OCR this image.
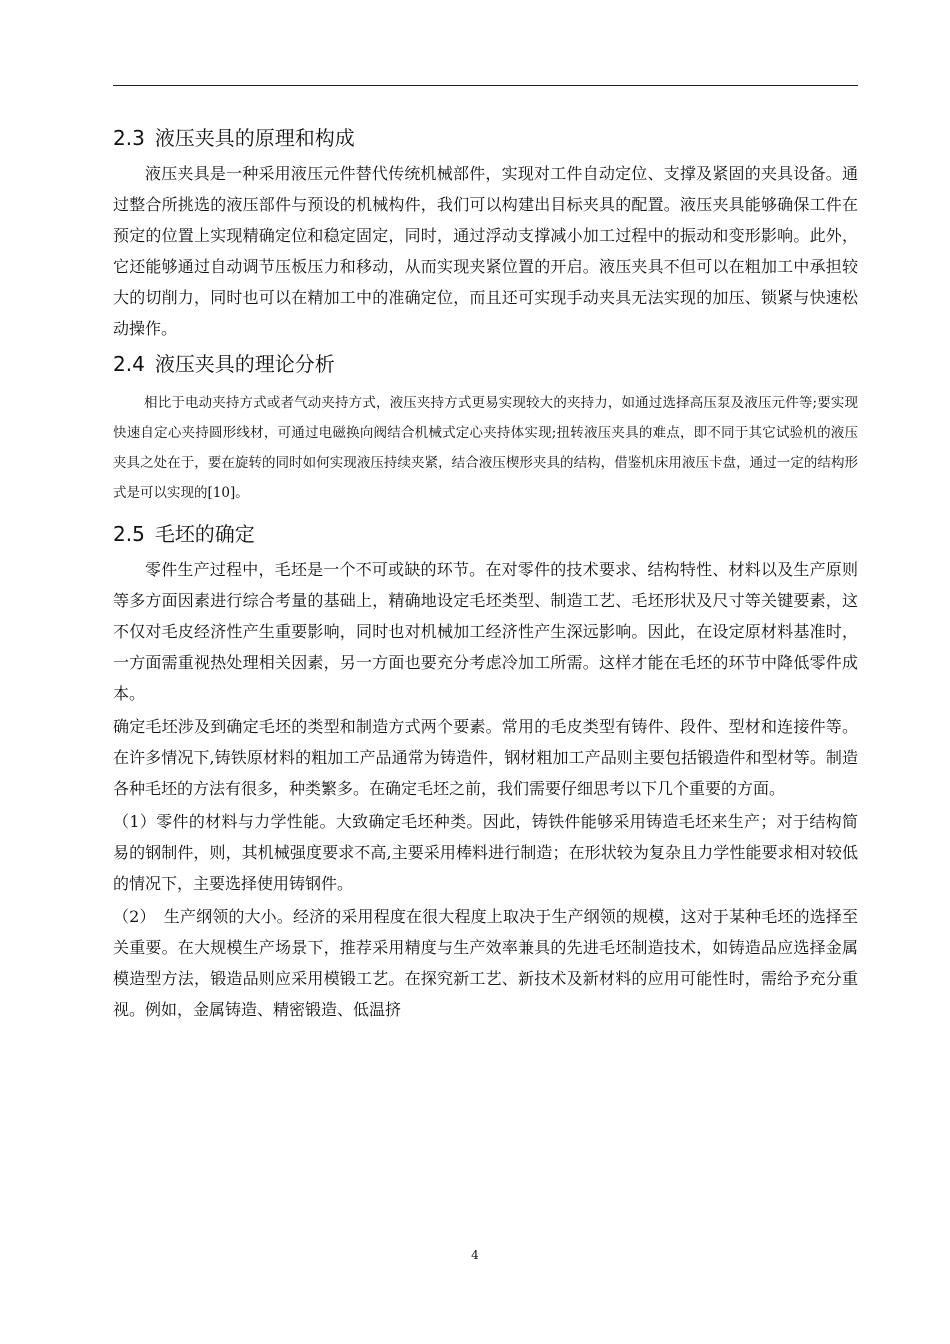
2.3 液压夹具的原理和构成

液压夹具是一种采用液压元件替代传统机械部件，实现对工件自动定位、支撑及紧固的夹具设备。通过整合所挑选的液压部件与预设的机械构件，我们可以构建出目标夹具的配置。液压夹具能够确保工件在预定的位置上实现精确定位和稳定固定，同时，通过浮动支撑减小加工过程中的振动和变形影响。此外，它还能够通过自动调节压板压力和移动，从而实现夹紧位置的开启。液压夹具不但可以在粗加工中承担较大的切削力，同时也可以在精加工中的准确定位，而且还可实现手动夹具无法实现的加压、锁紧与快速松动操作。

2.4 液压夹具的理论分析

相比于电动夹持方式或者气动夹持方式，液压夹持方式更易实现较大的夹持力，如通过选择高压泵及液压元件等;要实现快速自定心夹持圆形线材，可通过电磁换向阀结合机械式定心夹持体实现;扭转液压夹具的难点，即不同于其它试验机的液压夹具之处在于，要在旋转的同时如何实现液压持续夹紧，结合液压楔形夹具的结构，借鉴机床用液压卡盘，通过一定的结构形式是可以实现的[10]。

2.5 毛坯的确定

零件生产过程中，毛坯是一个不可或缺的环节。在对零件的技术要求、结构特性、材料以及生产原则等多方面因素进行综合考量的基础上，精确地设定毛坯类型、制造工艺、毛坯形状及尺寸等关键要素，这不仅对毛皮经济性产生重要影响，同时也对机械加工经济性产生深远影响。因此，在设定原材料基准时，一方面需重视热处理相关因素，另一方面也要充分考虑冷加工所需。这样才能在毛坯的环节中降低零件成本。

确定毛坯涉及到确定毛坯的类型和制造方式两个要素。常用的毛皮类型有铸件、段件、型材和连接件等。在许多情况下,铸铁原材料的粗加工产品通常为铸造件，钢材粗加工产品则主要包括锻造件和型材等。制造各种毛坯的方法有很多，种类繁多。在确定毛坯之前，我们需要仔细思考以下几个重要的方面。

（1）零件的材料与力学性能。大致确定毛坯种类。因此，铸铁件能够采用铸造毛坯来生产；对于结构简易的钢制件，则，其机械强度要求不高,主要采用棒料进行制造；在形状较为复杂且力学性能要求相对较低的情况下，主要选择使用铸钢件。

（2）　生产纲领的大小。经济的采用程度在很大程度上取决于生产纲领的规模，这对于某种毛坯的选择至关重要。在大规模生产场景下，推荐采用精度与生产效率兼具的先进毛坯制造技术，如铸造品应选择金属模造型方法，锻造品则应采用模锻工艺。在探究新工艺、新技术及新材料的应用可能性时，需给予充分重视。例如，金属铸造、精密锻造、低温挤

4
